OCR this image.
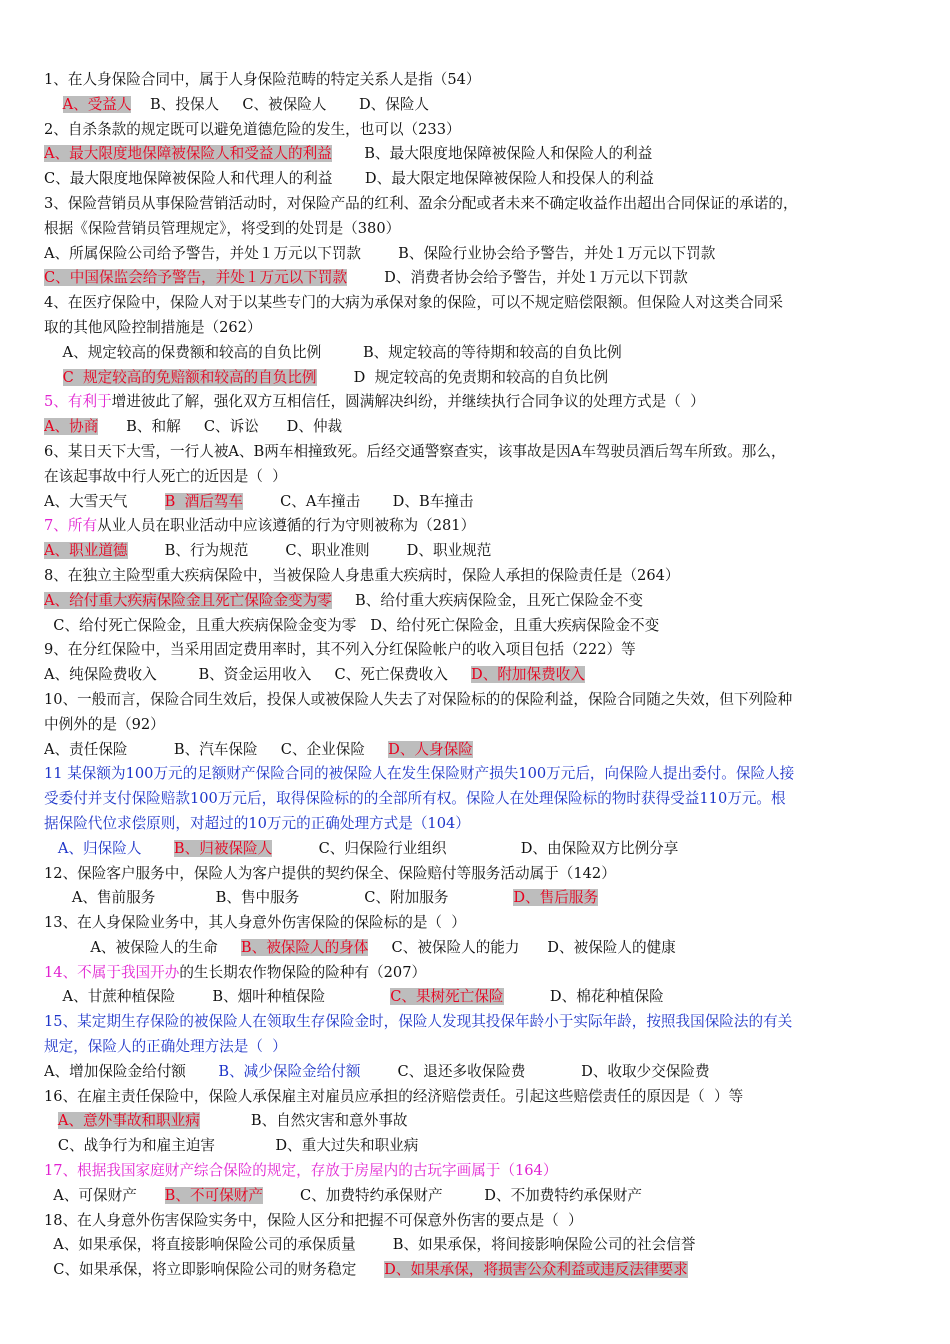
1、在人身保险合同中，属于人身保险范畴的特定关系人是指（54）
A、受益人    B、投保人     C、被保险人       D、保险人
2、自杀条款的规定既可以避免道德危险的发生，也可以（233）
A、最大限度地保障被保险人和受益人的利益       B、最大限度地保障被保险人和保险人的利益
C、最大限度地保障被保险人和代理人的利益       D、最大限定地保障被保险人和投保人的利益
3、保险营销员从事保险营销活动时，对保险产品的红利、盈余分配或者未来不确定收益作出超出合同保证的承诺的，
根据《保险营销员管理规定》，将受到的处罚是（380）
A、所属保险公司给予警告，并处１万元以下罚款        B、保险行业协会给予警告，并处１万元以下罚款
C、中国保监会给予警告，并处１万元以下罚款        D、消费者协会给予警告，并处１万元以下罚款
4、在医疗保险中，保险人对于以某些专门的大病为承保对象的保险，可以不规定赔偿限额。但保险人对这类合同采
取的其他风险控制措施是（262）
A、规定较高的保费额和较高的自负比例         B、规定较高的等待期和较高的自负比例
C  规定较高的免赔额和较高的自负比例        D  规定较高的免责期和较高的自负比例
5、有利于增进彼此了解，强化双方互相信任，圆满解决纠纷，并继续执行合同争议的处理方式是（  ）
A、协商      B、和解     C、诉讼      D、仲裁
6、某日天下大雪，一行人被A、B两车相撞致死。后经交通警察查实，该事故是因A车驾驶员酒后驾车所致。那么，
在该起事故中行人死亡的近因是（  ）
A、大雪天气        B  酒后驾车        C、A车撞击       D、B车撞击
7、所有从业人员在职业活动中应该遵循的行为守则被称为（281）
A、职业道德        B、行为规范        C、职业准则        D、职业规范
8、在独立主险型重大疾病保险中，当被保险人身患重大疾病时，保险人承担的保险责任是（264）
A、给付重大疾病保险金且死亡保险金变为零     B、给付重大疾病保险金，且死亡保险金不变
C、给付死亡保险金，且重大疾病保险金变为零   D、给付死亡保险金，且重大疾病保险金不变
9、在分红保险中，当采用固定费用率时，其不列入分红保险帐户的收入项目包括（222）等
A、纯保险费收入         B、资金运用收入     C、死亡保费收入     D、附加保费收入
10、一般而言，保险合同生效后，投保人或被保险人失去了对保险标的的保险利益，保险合同随之失效，但下列险种
中例外的是（92）
A、责任保险          B、汽车保险     C、企业保险     D、人身保险
11 某保额为100万元的足额财产保险合同的被保险人在发生保险财产损失100万元后，向保险人提出委付。保险人接
受委付并支付保险赔款100万元后，取得保险标的的全部所有权。保险人在处理保险标的物时获得受益110万元。根
据保险代位求偿原则，对超过的10万元的正确处理方式是（104）
A、归保险人       B、归被保险人          C、归保险行业组织                D、由保险双方比例分享
12、保险客户服务中，保险人为客户提供的契约保全、保险赔付等服务活动属于（142）
A、售前服务             B、售中服务              C、附加服务              D、售后服务
13、在人身保险业务中，其人身意外伤害保险的保险标的是（  ）
A、被保险人的生命     B、被保险人的身体     C、被保险人的能力      D、被保险人的健康
14、不属于我国开办的生长期农作物保险的险种有（207）
A、甘蔗种植保险        B、烟叶种植保险              C、果树死亡保险          D、棉花种植保险
15、某定期生存保险的被保险人在领取生存保险金时，保险人发现其投保年龄小于实际年龄，按照我国保险法的有关
规定，保险人的正确处理方法是（  ）
A、增加保险金给付额       B、减少保险金给付额        C、退还多收保险费            D、收取少交保险费
16、在雇主责任保险中，保险人承保雇主对雇员应承担的经济赔偿责任。引起这些赔偿责任的原因是（  ）等
A、意外事故和职业病           B、自然灾害和意外事故
C、战争行为和雇主迫害             D、重大过失和职业病
17、根据我国家庭财产综合保险的规定，存放于房屋内的古玩字画属于（164）
A、可保财产      B、不可保财产        C、加费特约承保财产         D、不加费特约承保财产
18、在人身意外伤害保险实务中，保险人区分和把握不可保意外伤害的要点是（  ）
A、如果承保，将直接影响保险公司的承保质量        B、如果承保，将间接影响保险公司的社会信誉
C、如果承保，将立即影响保险公司的财务稳定      D、如果承保，将损害公众利益或违反法律要求
